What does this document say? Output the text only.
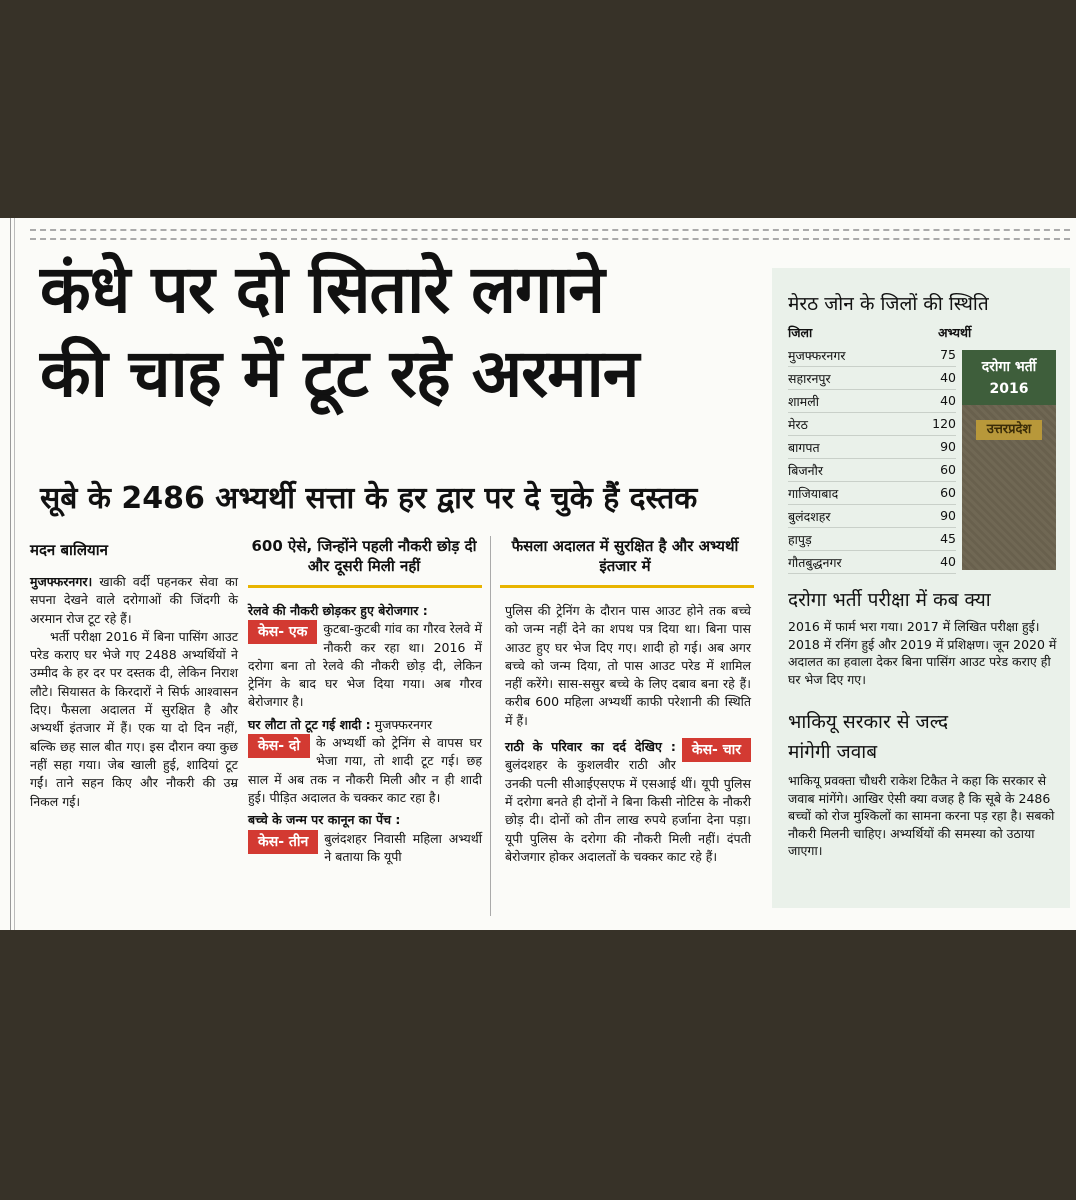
कंधे पर दो सितारे लगाने
की चाह में टूट रहे अरमान
सूबे के 2486 अभ्यर्थी सत्ता के हर द्वार पर दे चुके हैं दस्तक
मदन बालियान

मुजफ्फरनगर। खाकी वर्दी पहनकर सेवा का सपना देखने वाले दरोगाओं की जिंदगी के अरमान रोज टूट रहे हैं।

भर्ती परीक्षा 2016 में बिना पासिंग आउट परेड कराए घर भेजे गए 2488 अभ्यर्थियों ने उम्मीद के हर दर पर दस्तक दी, लेकिन निराश लौटे। सियासत के किरदारों ने सिर्फ आश्वासन दिए। फैसला अदालत में सुरक्षित है और अभ्यर्थी इंतजार में हैं। एक या दो दिन नहीं, बल्कि छह साल बीत गए। इस दौरान क्या कुछ नहीं सहा गया। जेब खाली हुई, शादियां टूट गईं। ताने सहन किए और नौकरी की उम्र निकल गई।

600 ऐसे, जिन्होंने पहली नौकरी छोड़ दी और दूसरी मिली नहीं

रेलवे की नौकरी छोड़कर हुए बेरोजगार :

केस- एक	कुटबा-कुटबी गांव का गौरव रेलवे में नौकरी कर रहा था। 2016 में दरोगा बना तो रेलवे की नौकरी छोड़ दी, लेकिन ट्रेनिंग के बाद घर भेज दिया गया। अब गौरव बेरोजगार है।

घर लौटा तो टूट गई शादी : मुजफ्फरनगर

केस- दो	के अभ्यर्थी को ट्रेनिंग से वापस घर भेजा गया, तो शादी टूट गई। छह साल में अब तक न नौकरी मिली और न ही शादी हुई। पीड़ित अदालत के चक्कर काट रहा है।

बच्चे के जन्म पर कानून का पेंच :

केस- तीन	बुलंदशहर निवासी महिला अभ्यर्थी ने बताया कि यूपी

फैसला अदालत में सुरक्षित है और अभ्यर्थी इंतजार में

पुलिस की ट्रेनिंग के दौरान पास आउट होने तक बच्चे को जन्म नहीं देने का शपथ पत्र दिया था। बिना पास आउट हुए घर भेज दिए गए। शादी हो गई। अब अगर बच्चे को जन्म दिया, तो पास आउट परेड में शामिल नहीं करेंगे। सास-ससुर बच्चे के लिए दबाव बना रहे हैं। करीब 600 महिला अभ्यर्थी काफी परेशानी की स्थिति में हैं।

केस- चार
राठी के परिवार का दर्द देखिए : बुलंदशहर के कुशलवीर राठी और उनकी पत्नी सीआईएसएफ में एसआई थीं। यूपी पुलिस में दरोगा बनते ही दोनों ने बिना किसी नोटिस के नौकरी छोड़ दी। दोनों को तीन लाख रुपये हर्जाना देना पड़ा। यूपी पुलिस के दरोगा की नौकरी मिली नहीं। दंपती बेरोजगार होकर अदालतों के चक्कर काट रहे हैं।

मेरठ जोन के जिलों की स्थिति
जिला	अभ्यर्थी
मुजफ्फरनगर	75
सहारनपुर	40
शामली	40
मेरठ	120
बागपत	90
बिजनौर	60
गाजियाबाद	60
बुलंदशहर	90
हापुड़	45
गौतबुद्धनगर	40
दरोगा भर्ती
2016
उत्तरप्रदेश
दरोगा भर्ती परीक्षा में कब क्या
2016 में फार्म भरा गया। 2017 में लिखित परीक्षा हुई। 2018 में रनिंग हुई और 2019 में प्रशिक्षण। जून 2020 में अदालत का हवाला देकर बिना पासिंग आउट परेड कराए ही घर भेज दिए गए।
भाकियू सरकार से जल्द
मांगेगी जवाब
भाकियू प्रवक्ता चौधरी राकेश टिकैत ने कहा कि सरकार से जवाब मांगेंगे। आखिर ऐसी क्या वजह है कि सूबे के 2486 बच्चों को रोज मुश्किलों का सामना करना पड़ रहा है। सबको नौकरी मिलनी चाहिए। अभ्यर्थियों की समस्या को उठाया जाएगा।
